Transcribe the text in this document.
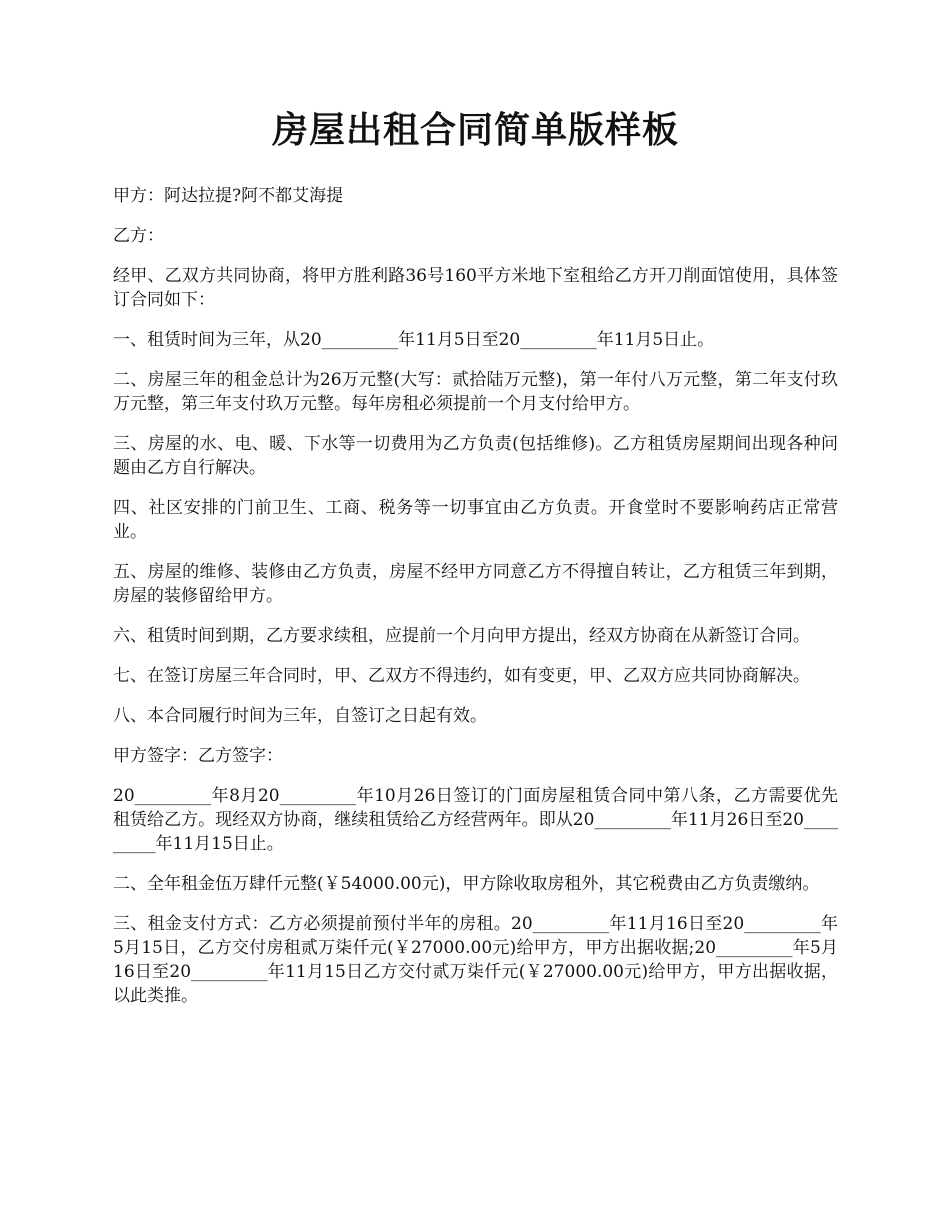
房屋出租合同简单版样板

甲方：阿达拉提?阿不都艾海提

乙方：

经甲、乙双方共同协商，将甲方胜利路36号160平方米地下室租给乙方开刀削面馆使用，具体签订合同如下：

一、租赁时间为三年，从20_________年11月5日至20_________年11月5日止。

二、房屋三年的租金总计为26万元整(大写：贰拾陆万元整)，第一年付八万元整，第二年支付玖万元整，第三年支付玖万元整。每年房租必须提前一个月支付给甲方。

三、房屋的水、电、暖、下水等一切费用为乙方负责(包括维修)。乙方租赁房屋期间出现各种问题由乙方自行解决。

四、社区安排的门前卫生、工商、税务等一切事宜由乙方负责。开食堂时不要影响药店正常营业。

五、房屋的维修、装修由乙方负责，房屋不经甲方同意乙方不得擅自转让，乙方租赁三年到期，房屋的装修留给甲方。

六、租赁时间到期，乙方要求续租，应提前一个月向甲方提出，经双方协商在从新签订合同。

七、在签订房屋三年合同时，甲、乙双方不得违约，如有变更，甲、乙双方应共同协商解决。

八、本合同履行时间为三年，自签订之日起有效。

甲方签字：乙方签字：

20_________年8月20_________年10月26日签订的门面房屋租赁合同中第八条，乙方需要优先租赁给乙方。现经双方协商，继续租赁给乙方经营两年。即从20_________年11月26日至20_________年11月15日止。

二、全年租金伍万肆仟元整(￥54000.00元)，甲方除收取房租外，其它税费由乙方负责缴纳。

三、租金支付方式：乙方必须提前预付半年的房租。20_________年11月16日至20_________年5月15日，乙方交付房租贰万柒仟元(￥27000.00元)给甲方，甲方出据收据;20_________年5月16日至20_________年11月15日乙方交付贰万柒仟元(￥27000.00元)给甲方，甲方出据收据，以此类推。
